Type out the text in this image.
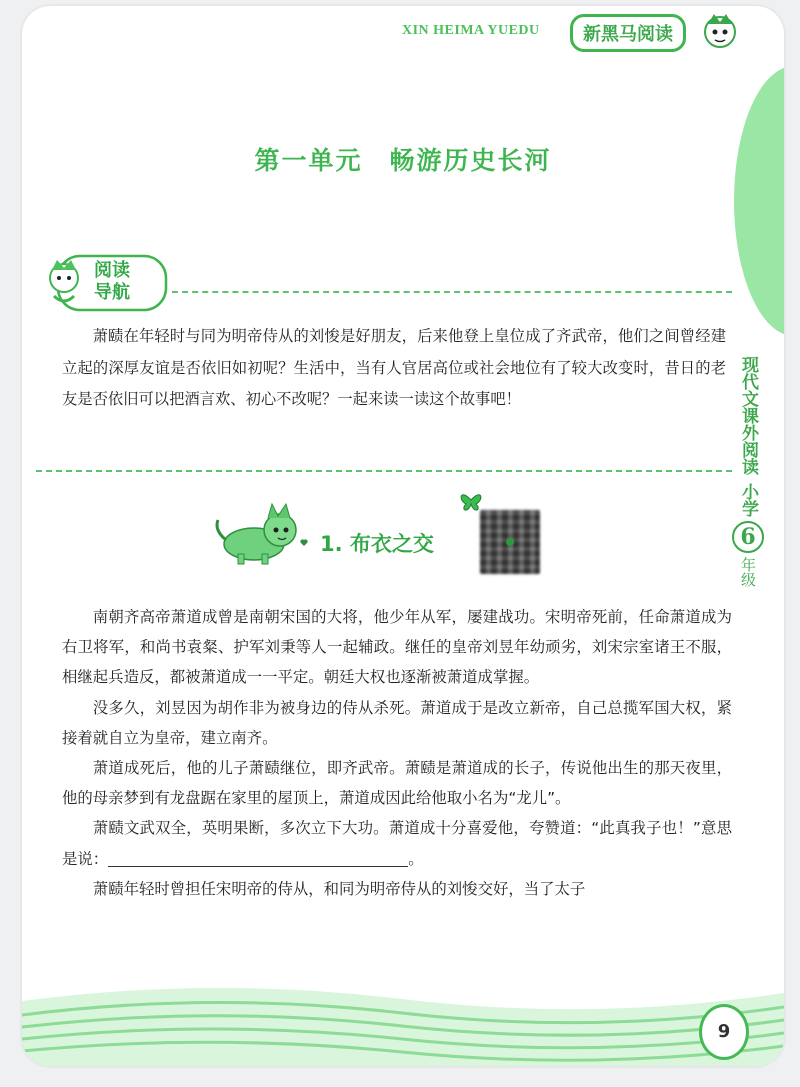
XIN HEIMA YUEDU	新黑马阅读
第一单元　畅游历史长河
阅读
导航
萧赜在年轻时与同为明帝侍从的刘悛是好朋友，后来他登上皇位成了齐武帝，他们之间曾经建立起的深厚友谊是否依旧如初呢？生活中，当有人官居高位或社会地位有了较大改变时，昔日的老友是否依旧可以把酒言欢、初心不改呢？一起来读一读这个故事吧！	现代文课外阅读
小学
6
年级
1. 布衣之交

南朝齐高帝萧道成曾是南朝宋国的大将，他少年从军，屡建战功。宋明帝死前，任命萧道成为右卫将军，和尚书袁粲、护军刘秉等人一起辅政。继任的皇帝刘昱年幼顽劣，刘宋宗室诸王不服，相继起兵造反，都被萧道成一一平定。朝廷大权也逐渐被萧道成掌握。

没多久，刘昱因为胡作非为被身边的侍从杀死。萧道成于是改立新帝，自己总揽军国大权，紧接着就自立为皇帝，建立南齐。

萧道成死后，他的儿子萧赜继位，即齐武帝。萧赜是萧道成的长子，传说他出生的那天夜里，他的母亲梦到有龙盘踞在家里的屋顶上，萧道成因此给他取小名为“龙儿”。

萧赜文武双全，英明果断，多次立下大功。萧道成十分喜爱他，夸赞道：“此真我子也！”意思是说：	。

萧赜年轻时曾担任宋明帝的侍从，和同为明帝侍从的刘悛交好，当了太子

9
